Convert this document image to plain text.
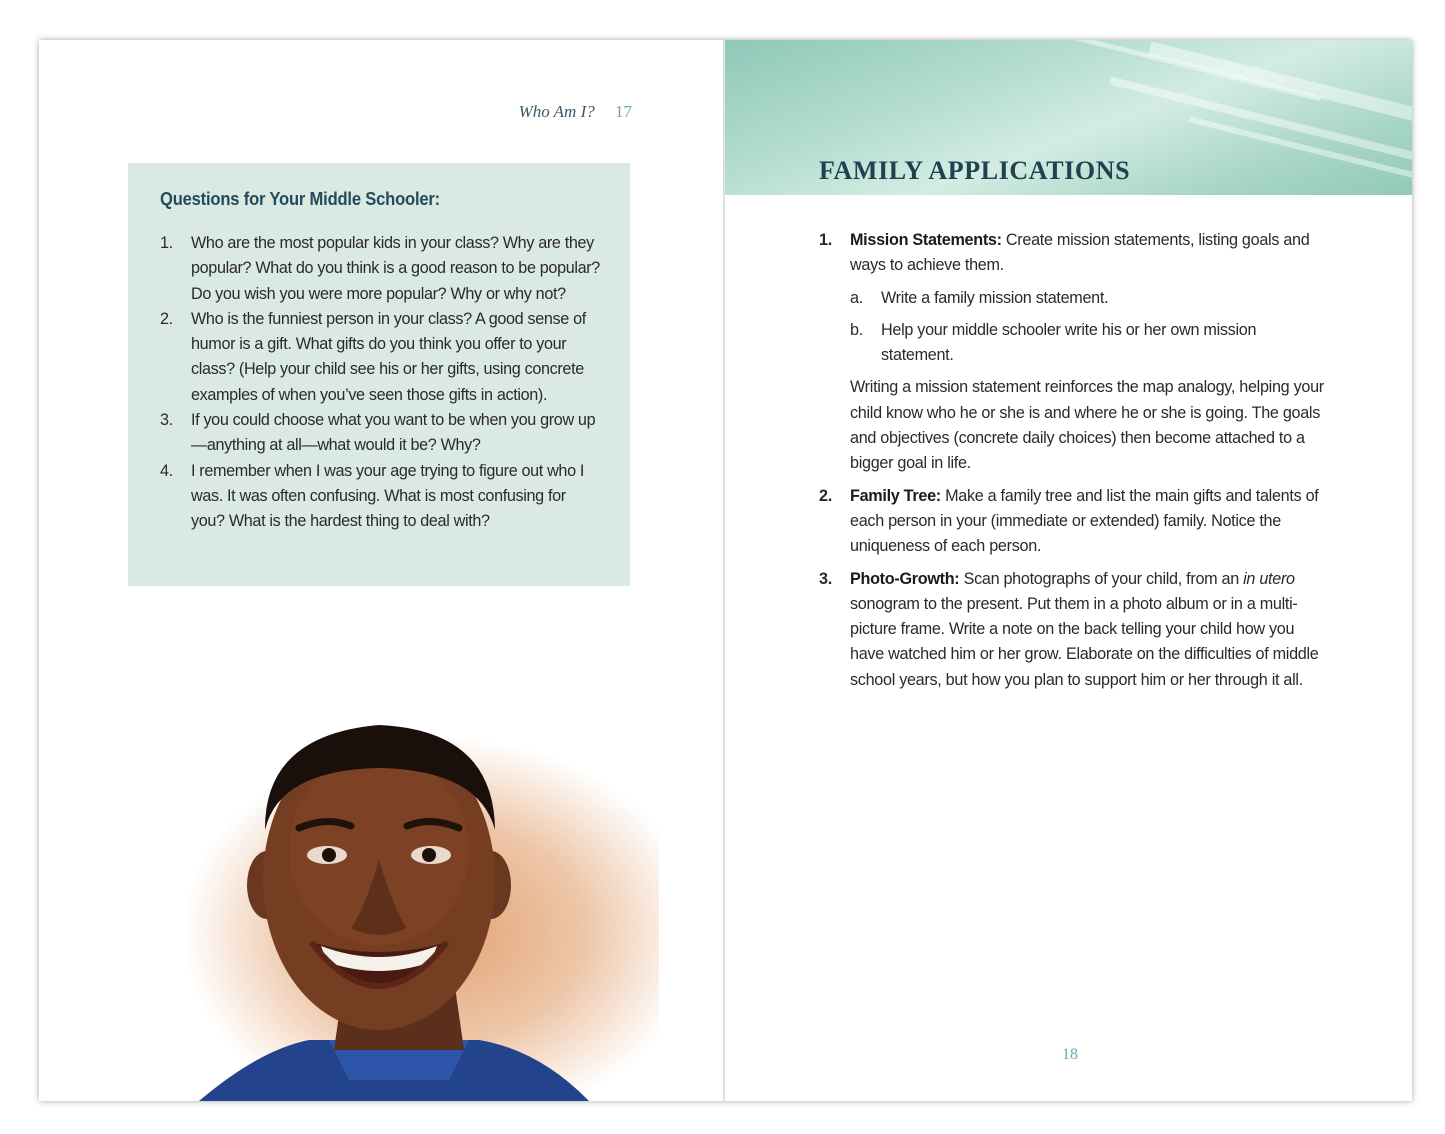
Who Am I? 17
Questions for Your Middle Schooler:
1. Who are the most popular kids in your class? Why are they popular? What do you think is a good reason to be popular? Do you wish you were more popular? Why or why not?
2. Who is the funniest person in your class? A good sense of humor is a gift. What gifts do you think you offer to your class? (Help your child see his or her gifts, using concrete examples of when you’ve seen those gifts in action).
3. If you could choose what you want to be when you grow up—anything at all—what would it be? Why?
4. I remember when I was your age trying to figure out who I was. It was often confusing. What is most confusing for you? What is the hardest thing to deal with?
FAMILY APPLICATIONS
1. Mission Statements: Create mission statements, listing goals and ways to achieve them.
a. Write a family mission statement.
b. Help your middle schooler write his or her own mission statement.
Writing a mission statement reinforces the map analogy, helping your child know who he or she is and where he or she is going. The goals and objectives (concrete daily choices) then become attached to a bigger goal in life.
2. Family Tree: Make a family tree and list the main gifts and talents of each person in your (immediate or extended) family. Notice the uniqueness of each person.
3. Photo-Growth: Scan photographs of your child, from an in utero sonogram to the present. Put them in a photo album or in a multi-picture frame. Write a note on the back telling your child how you have watched him or her grow. Elaborate on the difficulties of middle school years, but how you plan to support him or her through it all.
18
